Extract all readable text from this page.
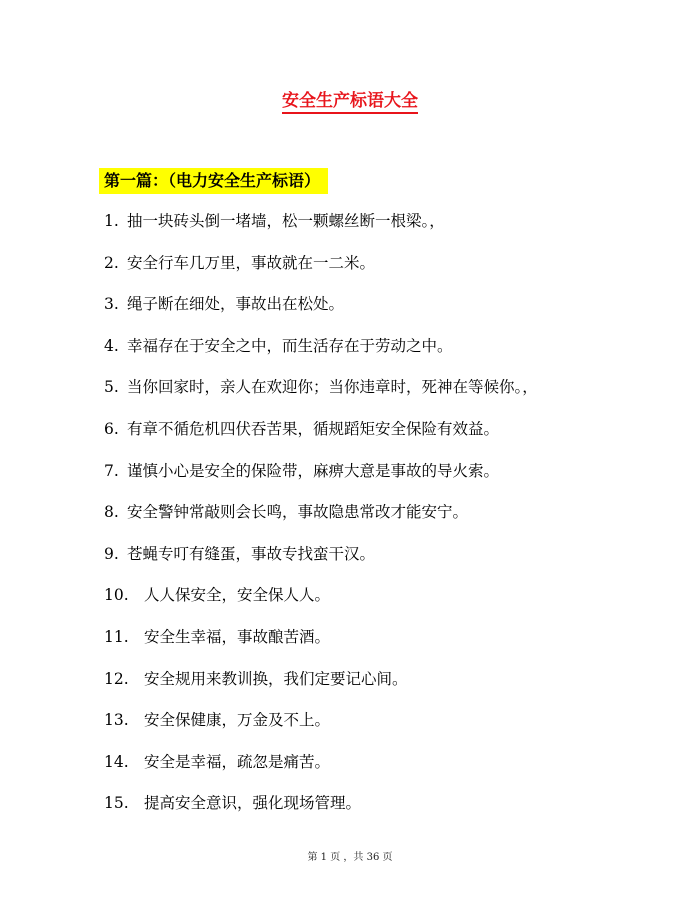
安全生产标语大全
第一篇：（电力安全生产标语）
1. 抽一块砖头倒一堵墙，松一颗螺丝断一根梁。，
2. 安全行车几万里，事故就在一二米。
3. 绳子断在细处，事故出在松处。
4. 幸福存在于安全之中，而生活存在于劳动之中。
5. 当你回家时，亲人在欢迎你；当你违章时，死神在等候你。，
6. 有章不循危机四伏吞苦果，循规蹈矩安全保险有效益。
7. 谨慎小心是安全的保险带，麻痹大意是事故的导火索。
8. 安全警钟常敲则会长鸣，事故隐患常改才能安宁。
9. 苍蝇专叮有缝蛋，事故专找蛮干汉。
10. 人人保安全，安全保人人。
11. 安全生幸福，事故酿苦酒。
12. 安全规用来教训换，我们定要记心间。
13. 安全保健康，万金及不上。
14. 安全是幸福，疏忽是痛苦。
15. 提高安全意识，强化现场管理。

第 1 页 ，共 36 页
